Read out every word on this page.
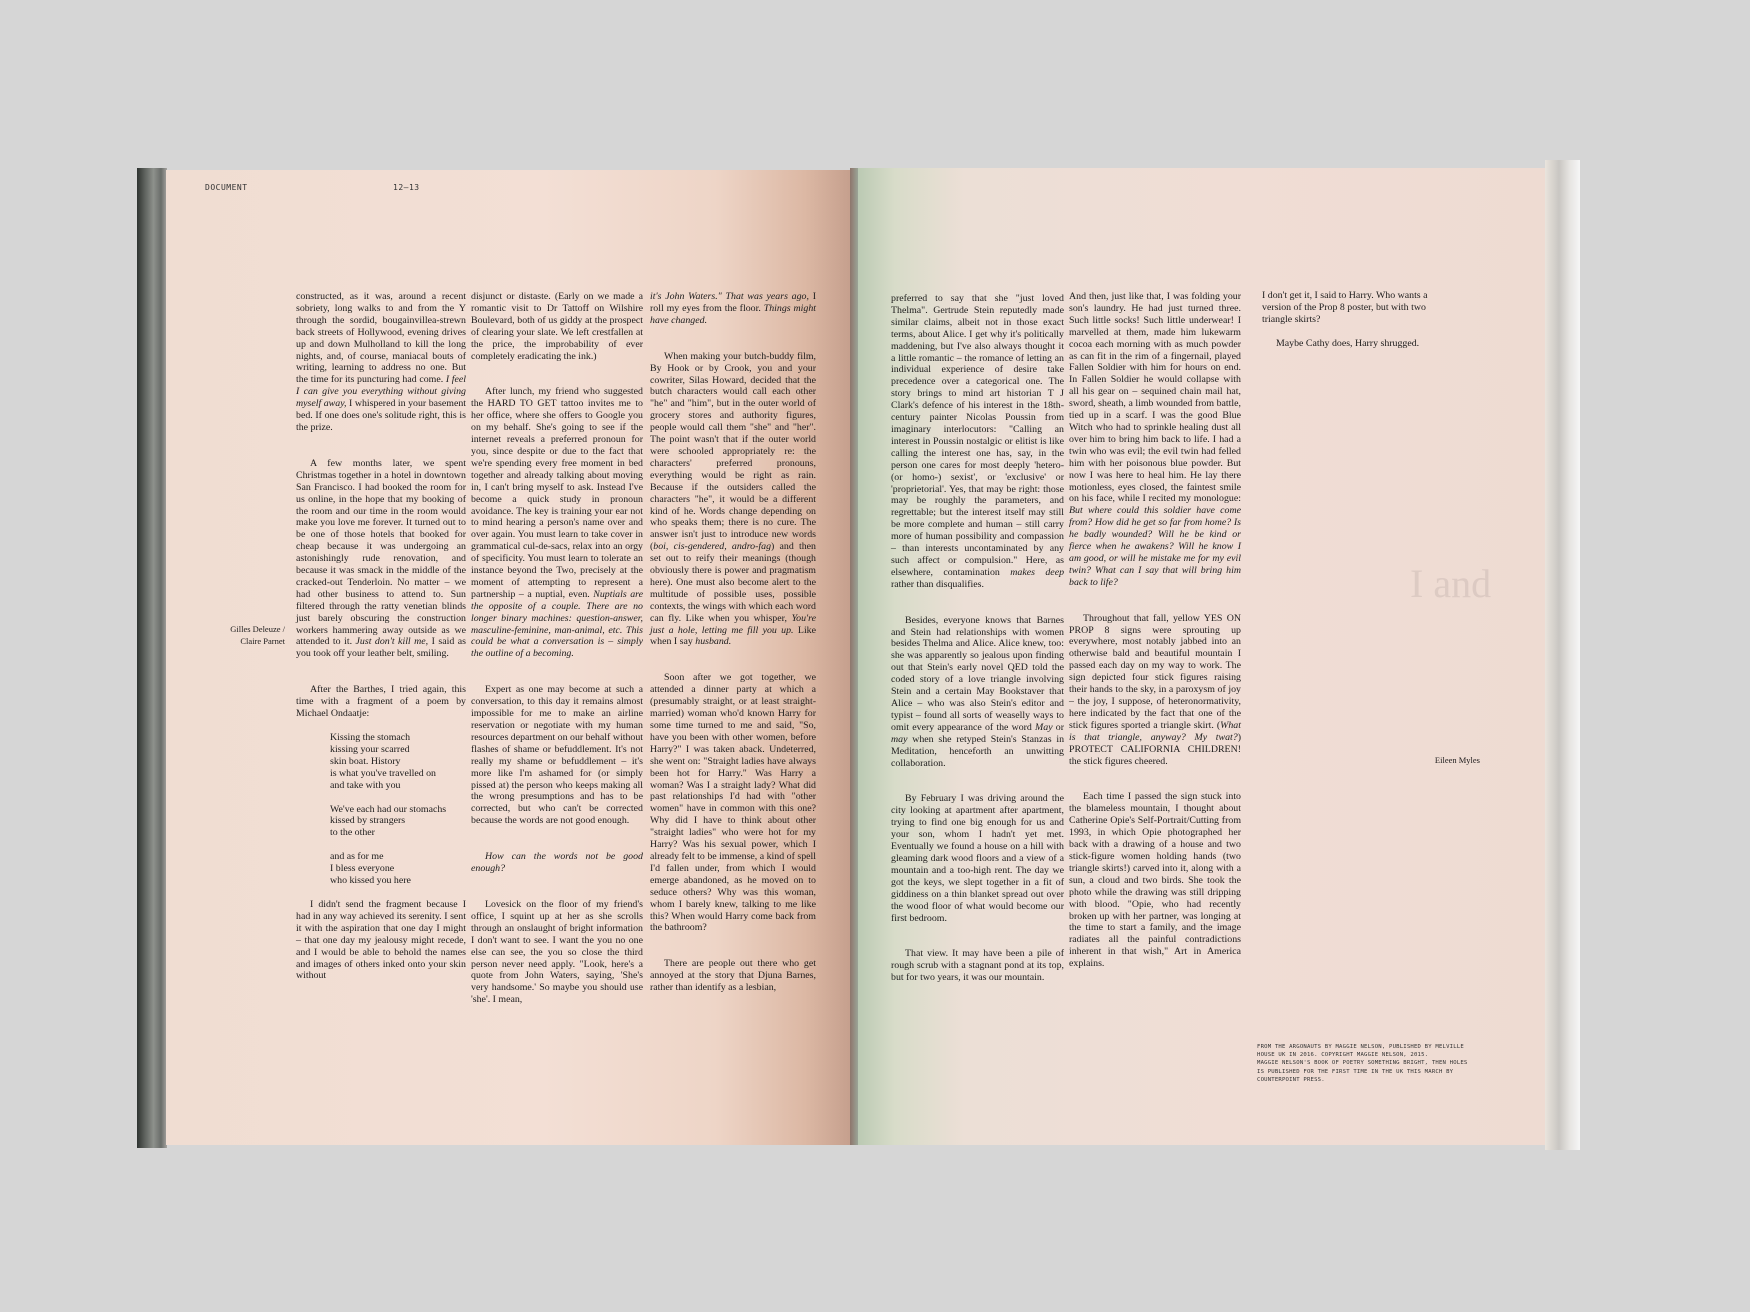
I and
DOCUMENT	12—13

constructed, as it was, around a recent sobriety, long walks to and from the Y through the sordid, bougainvillea-strewn back streets of Hollywood, evening drives up and down Mulholland to kill the long nights, and, of course, maniacal bouts of writing, learning to address no one. But the time for its puncturing had come. I feel I can give you everything without giving myself away, I whispered in your basement bed. If one does one's solitude right, this is the prize.

A few months later, we spent Christmas together in a hotel in downtown San Francisco. I had booked the room for us online, in the hope that my booking of the room and our time in the room would make you love me forever. It turned out to be one of those hotels that booked for cheap because it was undergoing an astonishingly rude renovation, and because it was smack in the middle of the cracked-out Tenderloin. No matter – we had other business to attend to. Sun filtered through the ratty venetian blinds just barely obscuring the construction workers hammering away outside as we attended to it. Just don't kill me, I said as you took off your leather belt, smiling.

After the Barthes, I tried again, this time with a fragment of a poem by Michael Ondaatje:

Kissing the stomach
kissing your scarred
skin boat. History
is what you've travelled on
and take with you
We've each had our stomachs
kissed by strangers
to the other
and as for me
I bless everyone
who kissed you here

I didn't send the fragment because I had in any way achieved its serenity. I sent it with the aspiration that one day I might – that one day my jealousy might recede, and I would be able to behold the names and images of others inked onto your skin without

disjunct or distaste. (Early on we made a romantic visit to Dr Tattoff on Wilshire Boulevard, both of us giddy at the prospect of clearing your slate. We left crestfallen at the price, the improbability of ever completely eradicating the ink.)

After lunch, my friend who suggested the HARD TO GET tattoo invites me to her office, where she offers to Google you on my behalf. She's going to see if the internet reveals a preferred pronoun for you, since despite or due to the fact that we're spending every free moment in bed together and already talking about moving in, I can't bring myself to ask. Instead I've become a quick study in pronoun avoidance. The key is training your ear not to mind hearing a person's name over and over again. You must learn to take cover in grammatical cul-de-sacs, relax into an orgy of specificity. You must learn to tolerate an instance beyond the Two, precisely at the moment of attempting to represent a partnership – a nuptial, even. Nuptials are the opposite of a couple. There are no longer binary machines: question-answer, masculine-feminine, man-animal, etc. This could be what a conversation is – simply the outline of a becoming.

Expert as one may become at such a conversation, to this day it remains almost impossible for me to make an airline reservation or negotiate with my human resources department on our behalf without flashes of shame or befuddlement. It's not really my shame or befuddlement – it's more like I'm ashamed for (or simply pissed at) the person who keeps making all the wrong presumptions and has to be corrected, but who can't be corrected because the words are not good enough.

How can the words not be good enough?

Lovesick on the floor of my friend's office, I squint up at her as she scrolls through an onslaught of bright information I don't want to see. I want the you no one else can see, the you so close the third person never need apply. "Look, here's a quote from John Waters, saying, 'She's very handsome.' So maybe you should use 'she'. I mean,

it's John Waters." That was years ago, I roll my eyes from the floor. Things might have changed.

When making your butch-buddy film, By Hook or by Crook, you and your cowriter, Silas Howard, decided that the butch characters would call each other "he" and "him", but in the outer world of grocery stores and authority figures, people would call them "she" and "her". The point wasn't that if the outer world were schooled appropriately re: the characters' preferred pronouns, everything would be right as rain. Because if the outsiders called the characters "he", it would be a different kind of he. Words change depending on who speaks them; there is no cure. The answer isn't just to introduce new words (boi, cis-gendered, andro-fag) and then set out to reify their meanings (though obviously there is power and pragmatism here). One must also become alert to the multitude of possible uses, possible contexts, the wings with which each word can fly. Like when you whisper, You're just a hole, letting me fill you up. Like when I say husband.

Soon after we got together, we attended a dinner party at which a (presumably straight, or at least straight-married) woman who'd known Harry for some time turned to me and said, "So, have you been with other women, before Harry?" I was taken aback. Undeterred, she went on: "Straight ladies have always been hot for Harry." Was Harry a woman? Was I a straight lady? What did past relationships I'd had with "other women" have in common with this one? Why did I have to think about other "straight ladies" who were hot for my Harry? Was his sexual power, which I already felt to be immense, a kind of spell I'd fallen under, from which I would emerge abandoned, as he moved on to seduce others? Why was this woman, whom I barely knew, talking to me like this? When would Harry come back from the bathroom?

There are people out there who get annoyed at the story that Djuna Barnes, rather than identify as a lesbian,

preferred to say that she "just loved Thelma". Gertrude Stein reputedly made similar claims, albeit not in those exact terms, about Alice. I get why it's politically maddening, but I've also always thought it a little romantic – the romance of letting an individual experience of desire take precedence over a categorical one. The story brings to mind art historian T J Clark's defence of his interest in the 18th-century painter Nicolas Poussin from imaginary interlocutors: "Calling an interest in Poussin nostalgic or elitist is like calling the interest one has, say, in the person one cares for most deeply 'hetero- (or homo-) sexist', or 'exclusive' or 'proprietorial'. Yes, that may be right: those may be roughly the parameters, and regrettable; but the interest itself may still be more complete and human – still carry more of human possibility and compassion – than interests uncontaminated by any such affect or compulsion." Here, as elsewhere, contamination makes deep rather than disqualifies.

Besides, everyone knows that Barnes and Stein had relationships with women besides Thelma and Alice. Alice knew, too: she was apparently so jealous upon finding out that Stein's early novel QED told the coded story of a love triangle involving Stein and a certain May Bookstaver that Alice – who was also Stein's editor and typist – found all sorts of weaselly ways to omit every appearance of the word May or may when she retyped Stein's Stanzas in Meditation, henceforth an unwitting collaboration.

By February I was driving around the city looking at apartment after apartment, trying to find one big enough for us and your son, whom I hadn't yet met. Eventually we found a house on a hill with gleaming dark wood floors and a view of a mountain and a too-high rent. The day we got the keys, we slept together in a fit of giddiness on a thin blanket spread out over the wood floor of what would become our first bedroom.

That view. It may have been a pile of rough scrub with a stagnant pond at its top, but for two years, it was our mountain.

And then, just like that, I was folding your son's laundry. He had just turned three. Such little socks! Such little underwear! I marvelled at them, made him lukewarm cocoa each morning with as much powder as can fit in the rim of a fingernail, played Fallen Soldier with him for hours on end. In Fallen Soldier he would collapse with all his gear on – sequined chain mail hat, sword, sheath, a limb wounded from battle, tied up in a scarf. I was the good Blue Witch who had to sprinkle healing dust all over him to bring him back to life. I had a twin who was evil; the evil twin had felled him with her poisonous blue powder. But now I was here to heal him. He lay there motionless, eyes closed, the faintest smile on his face, while I recited my monologue: But where could this soldier have come from? How did he get so far from home? Is he badly wounded? Will he be kind or fierce when he awakens? Will he know I am good, or will he mistake me for my evil twin? What can I say that will bring him back to life?

Throughout that fall, yellow YES ON PROP 8 signs were sprouting up everywhere, most notably jabbed into an otherwise bald and beautiful mountain I passed each day on my way to work. The sign depicted four stick figures raising their hands to the sky, in a paroxysm of joy – the joy, I suppose, of heteronormativity, here indicated by the fact that one of the stick figures sported a triangle skirt. (What is that triangle, anyway? My twat?) PROTECT CALIFORNIA CHILDREN! the stick figures cheered.

Each time I passed the sign stuck into the blameless mountain, I thought about Catherine Opie's Self-Portrait/Cutting from 1993, in which Opie photographed her back with a drawing of a house and two stick-figure women holding hands (two triangle skirts!) carved into it, along with a sun, a cloud and two birds. She took the photo while the drawing was still dripping with blood. "Opie, who had recently broken up with her partner, was longing at the time to start a family, and the image radiates all the painful contradictions inherent in that wish," Art in America explains.

I don't get it, I said to Harry. Who wants a version of the Prop 8 poster, but with two triangle skirts?

Maybe Cathy does, Harry shrugged.

Gilles Deleuze /
Claire Parnet
Eileen Myles
FROM THE ARGONAUTS BY MAGGIE NELSON, PUBLISHED BY MELVILLE
HOUSE UK IN 2016. COPYRIGHT MAGGIE NELSON, 2015.
MAGGIE NELSON'S BOOK OF POETRY SOMETHING BRIGHT, THEN HOLES
IS PUBLISHED FOR THE FIRST TIME IN THE UK THIS MARCH BY
COUNTERPOINT PRESS.
